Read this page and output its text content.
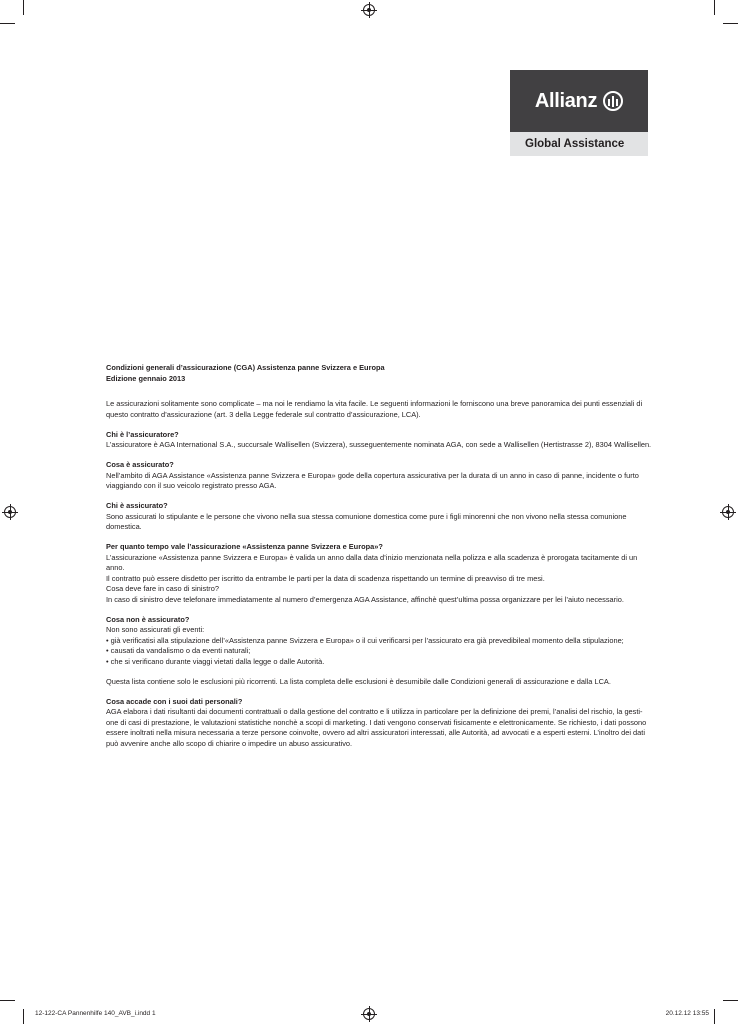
Allianz
Global Assistance

Condizioni generali d’assicurazione (CGA) Assistenza panne Svizzera e Europa

Edizione gennaio 2013

Le assicurazioni solitamente sono complicate – ma noi le rendiamo la vita facile. Le seguenti informazioni le forniscono una breve panoramica dei punti essenziali di

questo contratto d’assicurazione (art. 3 della Legge federale sul contratto d’assicurazione, LCA).

Chi è l’assicuratore?

L’assicuratore è AGA International S.A., succursale Wallisellen (Svizzera), susseguentemente nominata AGA, con sede a Wallisellen (Hertistrasse 2), 8304 Wallisellen.

Cosa è assicurato?

Nell’ambito di AGA Assistance «Assistenza panne Svizzera e Europa» gode della copertura assicurativa per la durata di un anno in caso di panne, incidente o furto

viaggiando con il suo veicolo registrato presso AGA.

Chi è assicurato?

Sono assicurati lo stipulante e le persone che vivono nella sua stessa comunione domestica come pure i figli minorenni che non vivono nella stessa comunione

domestica.

Per quanto tempo vale l’assicurazione «Assistenza panne Svizzera e Europa»?

L’assicurazione «Assistenza panne Svizzera e Europa» è valida un anno dalla data d’inizio menzionata nella polizza e alla scadenza è prorogata tacitamente di un anno.

Il contratto può essere disdetto per iscritto da entrambe le parti per la data di scadenza rispettando un termine di preavviso di tre mesi.

Cosa deve fare in caso di sinistro?

In caso di sinistro deve telefonare immediatamente al numero d’emergenza AGA Assistance, affinchè quest’ultima possa organizzare per lei l’aiuto necessario.

Cosa non è assicurato?

Non sono assicurati gli eventi:

• già verificatisi alla stipulazione dell’«Assistenza panne Svizzera e Europa» o il cui verificarsi per l’assicurato era già prevedibileal momento della stipulazione;

• causati da vandalismo o da eventi naturali;

• che si verificano durante viaggi vietati dalla legge o dalle Autorità.

Questa lista contiene solo le esclusioni più ricorrenti. La lista completa delle esclusioni è desumibile dalle Condizioni generali di assicurazione e dalla LCA.

Cosa accade con i suoi dati personali?

AGA elabora i dati risultanti dai documenti contrattuali o dalla gestione del contratto e li utilizza in particolare per la definizione dei premi, l’analisi del rischio, la gesti-

one di casi di prestazione, le valutazioni statistiche nonchè a scopi di marketing. I dati vengono conservati fisicamente e elettronicamente. Se richiesto, i dati possono

essere inoltrati nella misura necessaria a terze persone coinvolte, ovvero ad altri assicuratori interessati, alle Autorità, ad avvocati e a esperti esterni. L’inoltro dei dati

può avvenire anche allo scopo di chiarire o impedire un abuso assicurativo.

12-122-CA Pannenhilfe 140_AVB_i.indd 1	20.12.12 13:55
